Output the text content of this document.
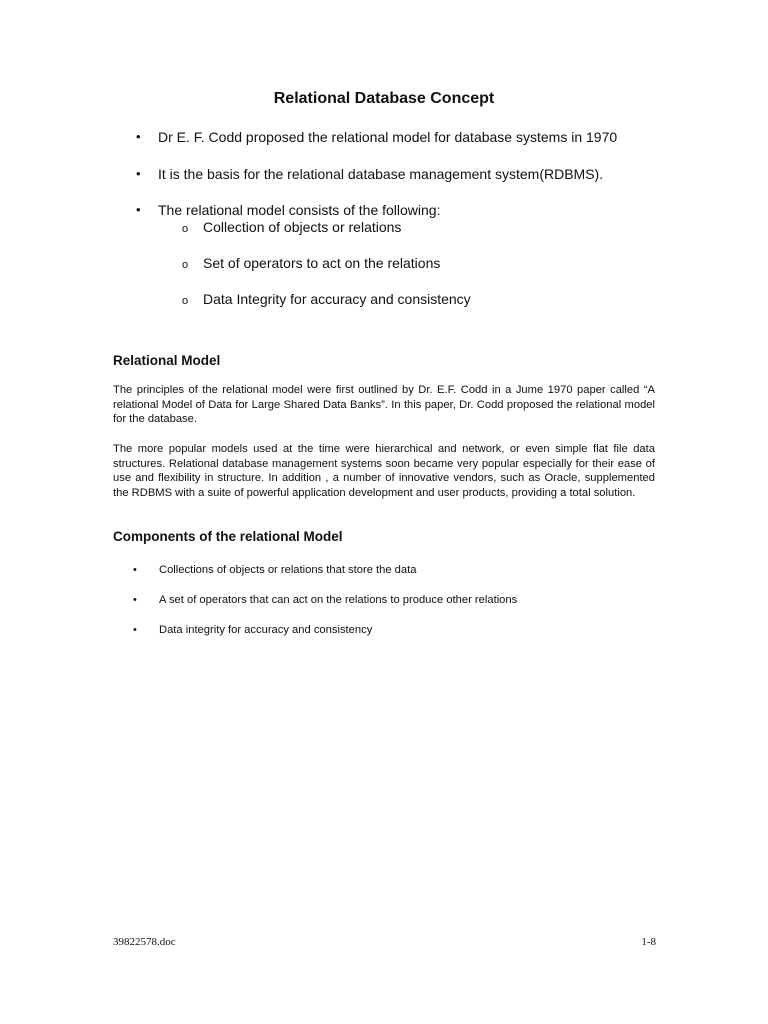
Relational Database Concept
• Dr E. F. Codd proposed the relational model for database systems in 1970
• It is the basis for the relational database management system(RDBMS).
• The relational model consists of the following:
o Collection of objects or relations
o Set of operators to act on the relations
o Data Integrity for accuracy and consistency
Relational Model
The principles of the relational model were first outlined by Dr. E.F. Codd in a Jume 1970 paper called “A relational Model of Data for Large Shared Data Banks”. In this paper, Dr. Codd proposed the relational model for the database.
The more popular models used at the time were hierarchical and network, or even simple flat file data structures. Relational database management systems soon became very popular especially for their ease of use and flexibility in structure. In addition , a number of innovative vendors, such as Oracle, supplemented the RDBMS with a suite of powerful application development and user products, providing a total solution.
Components of the relational Model
• Collections of objects or relations that store the data
• A set of operators that can act on the relations to produce other relations
• Data integrity for accuracy and consistency
39822578.doc	1-8
